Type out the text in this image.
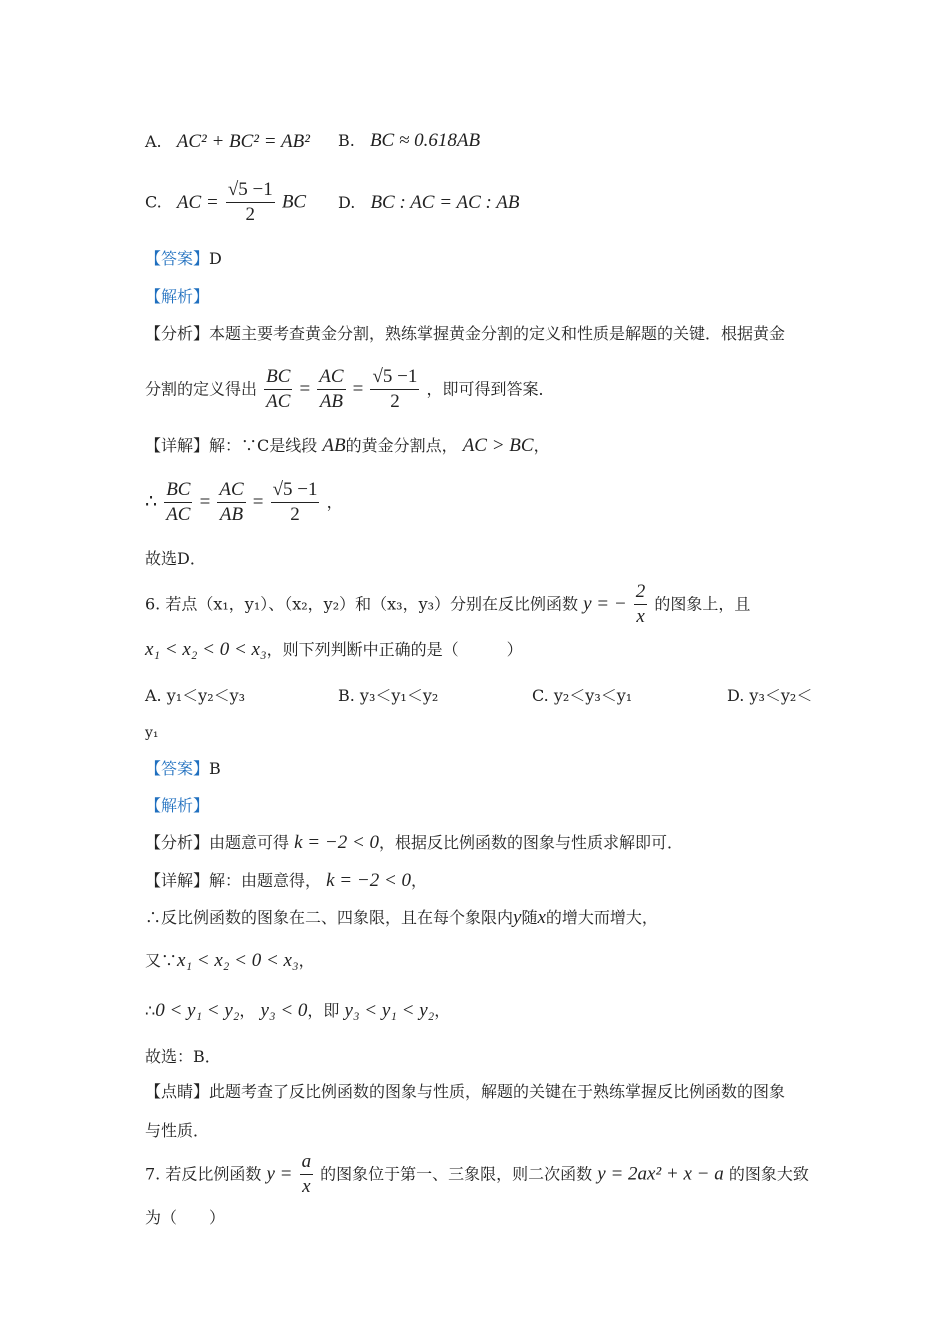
A. AC² + BC² = AB² B. BC ≈ 0.618AB
C. AC = $\frac{√5 -1}{2}$ BC D. BC : AC = AC : AB
【答案】D
【解析】
【分析】本题主要考查黄金分割，熟练掌握黄金分割的定义和性质是解题的关键．根据黄金
分割的定义得出 $\frac{BC}{AC} = \frac{AC}{AB} = \frac{√5 -1}{2}$ ，即可得到答案．
【详解】解：∵C是线段 AB的黄金分割点， AC > BC，
∴ $\frac{BC}{AC} = \frac{AC}{AB} = \frac{√5 -1}{2}$ ，
故选D．
6. 若点（x₁，y₁）、（x₂，y₂）和（x₃，y₃）分别在反比例函数 y = − $\frac{2}{x}$ 的图象上，且
x₁ < x₂ < 0 < x₃，则下列判断中正确的是（　　　）
A. y₁＜y₂＜y₃	B. y₃＜y₁＜y₂	C. y₂＜y₃＜y₁	D. y₃＜y₂＜
y₁
【答案】B
【解析】
【分析】由题意可得 k = −2 < 0，根据反比例函数的图象与性质求解即可．
【详解】解：由题意得， k = −2 < 0，
∴反比例函数的图象在二、四象限，且在每个象限内y随x的增大而增大，
又∵x₁ < x₂ < 0 < x₃，
∴0 < y₁ < y₂， y₃ < 0，即 y₃ < y₁ < y₂，
故选：B．
【点睛】此题考查了反比例函数的图象与性质，解题的关键在于熟练掌握反比例函数的图象
与性质．
7. 若反比例函数 $y = \frac{a}{x}$ 的图象位于第一、三象限，则二次函数 y = 2ax² + x − a 的图象大致
为（　　）
